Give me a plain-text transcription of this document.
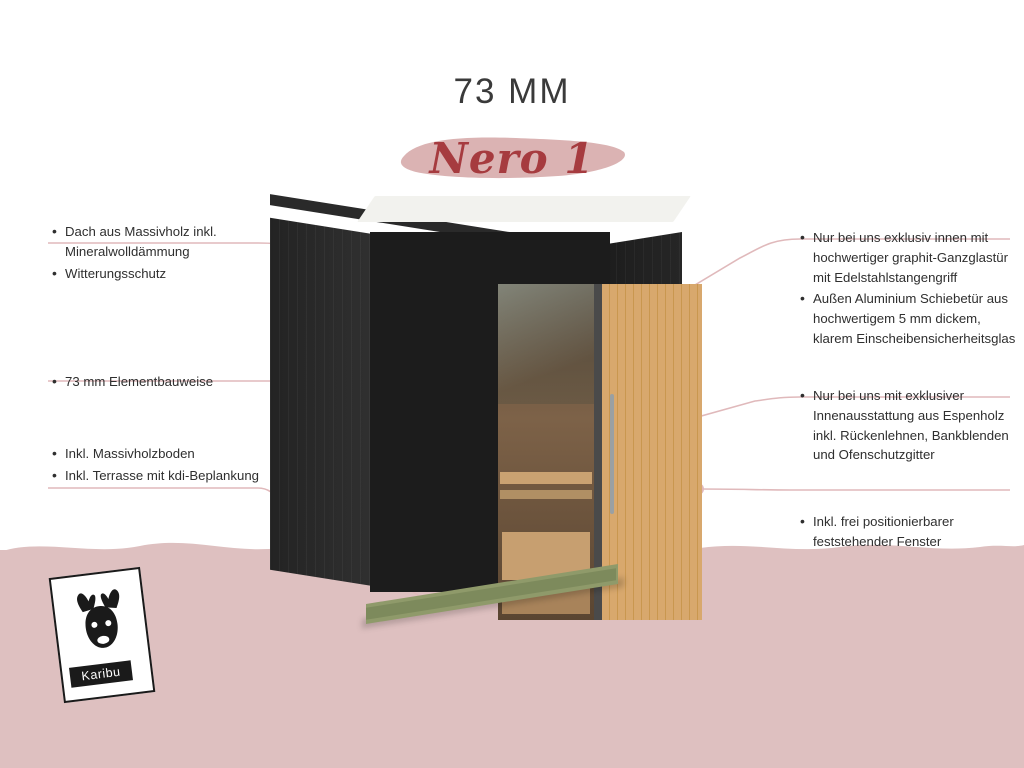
73 MM
Nero 1
• Dach aus Massivholz inkl. Mineralwolldämmung
• Witterungsschutz
• 73 mm Elementbauweise
• Inkl. Massivholzboden
• Inkl. Terrasse mit kdi-Beplankung
• Nur bei uns exklusiv innen mit hochwertiger graphit-Ganzglastür mit Edelstahlstangengriff
• Außen Aluminium Schiebetür aus hochwertigem 5 mm dickem, klarem Einscheibensicherheitsglas
• Nur bei uns mit exklusiver Innenausstattung aus Espenholz inkl. Rückenlehnen, Bankblenden und Ofenschutzgitter
• Inkl. frei positionierbarer feststehender Fenster
Karibu
